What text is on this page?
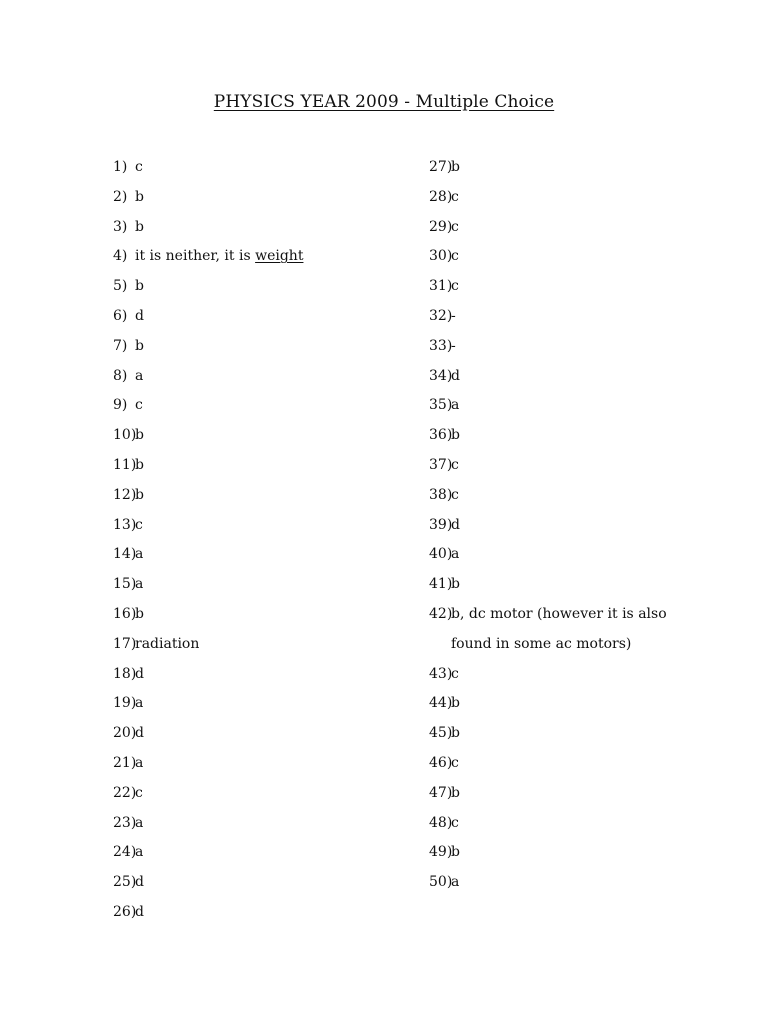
PHYSICS YEAR 2009 - Multiple Choice
1) c
2) b
3) b
4) it is neither, it is weight
5) b
6) d
7) b
8) a
9) c
10)b
11)b
12)b
13)c
14)a
15)a
16)b
17)radiation
18)d
19)a
20)d
21)a
22)c
23)a
24)a
25)d
26)d
27)b
28)c
29)c
30)c
31)c
32)-
33)-
34)d
35)a
36)b
37)c
38)c
39)d
40)a
41)b
42)b, dc motor (however it is also
found in some ac motors)
43)c
44)b
45)b
46)c
47)b
48)c
49)b
50)a
